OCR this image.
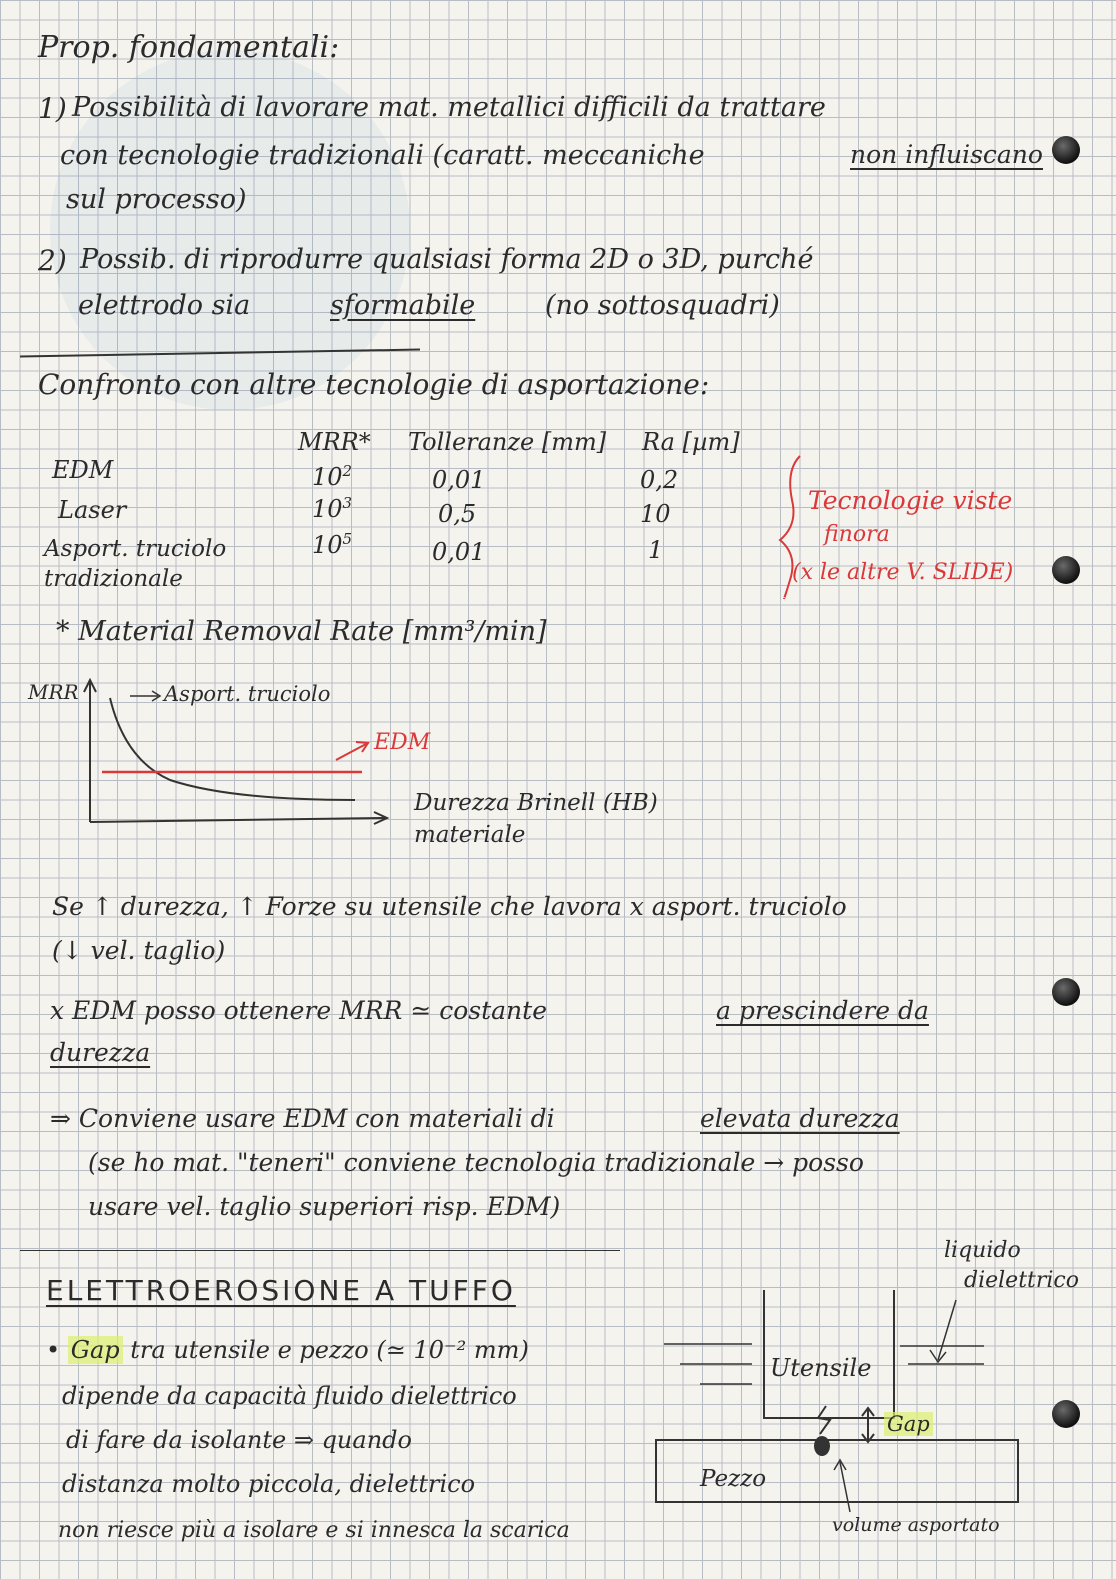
Prop. fondamentali:
1) Possibilità di lavorare mat. metallici difficili da trattare
con tecnologie tradizionali (caratt. meccaniche	non influiscano
sul processo)
2) Possib. di riprodurre qualsiasi forma 2D o 3D, purché
elettrodo sia	sformabile	(no sottosquadri)
Confronto con altre tecnologie di asportazione:
MRR* Tolleranze [mm] Ra [µm]
EDM	$10^2$	0,01	0,2
Laser	$10^3$	0,5	10
Asport. truciolo
tradizionale
$10^5$	0,01	1
Tecnologie viste
finora
(x le altre V. SLIDE)
* Material Removal Rate [mm³/min]
MRR	Asport. truciolo
EDM
Durezza Brinell (HB)
materiale
Se ↑ durezza, ↑ Forze su utensile che lavora x asport. truciolo
(↓ vel. taglio)
x EDM posso ottenere MRR ≃ costante	a prescindere da
durezza
⇒ Conviene usare EDM con materiali di	elevata durezza
(se ho mat. "teneri" conviene tecnologia tradizionale → posso
usare vel. taglio superiori risp. EDM)
ELETTROEROSIONE A TUFFO
• Gap tra utensile e pezzo (≃ 10⁻² mm)
dipende da capacità fluido dielettrico
di fare da isolante ⇒ quando
distanza molto piccola, dielettrico
non riesce più a isolare e si innesca la scarica
liquido
dielettrico
Utensile
Gap
Pezzo
volume asportato
